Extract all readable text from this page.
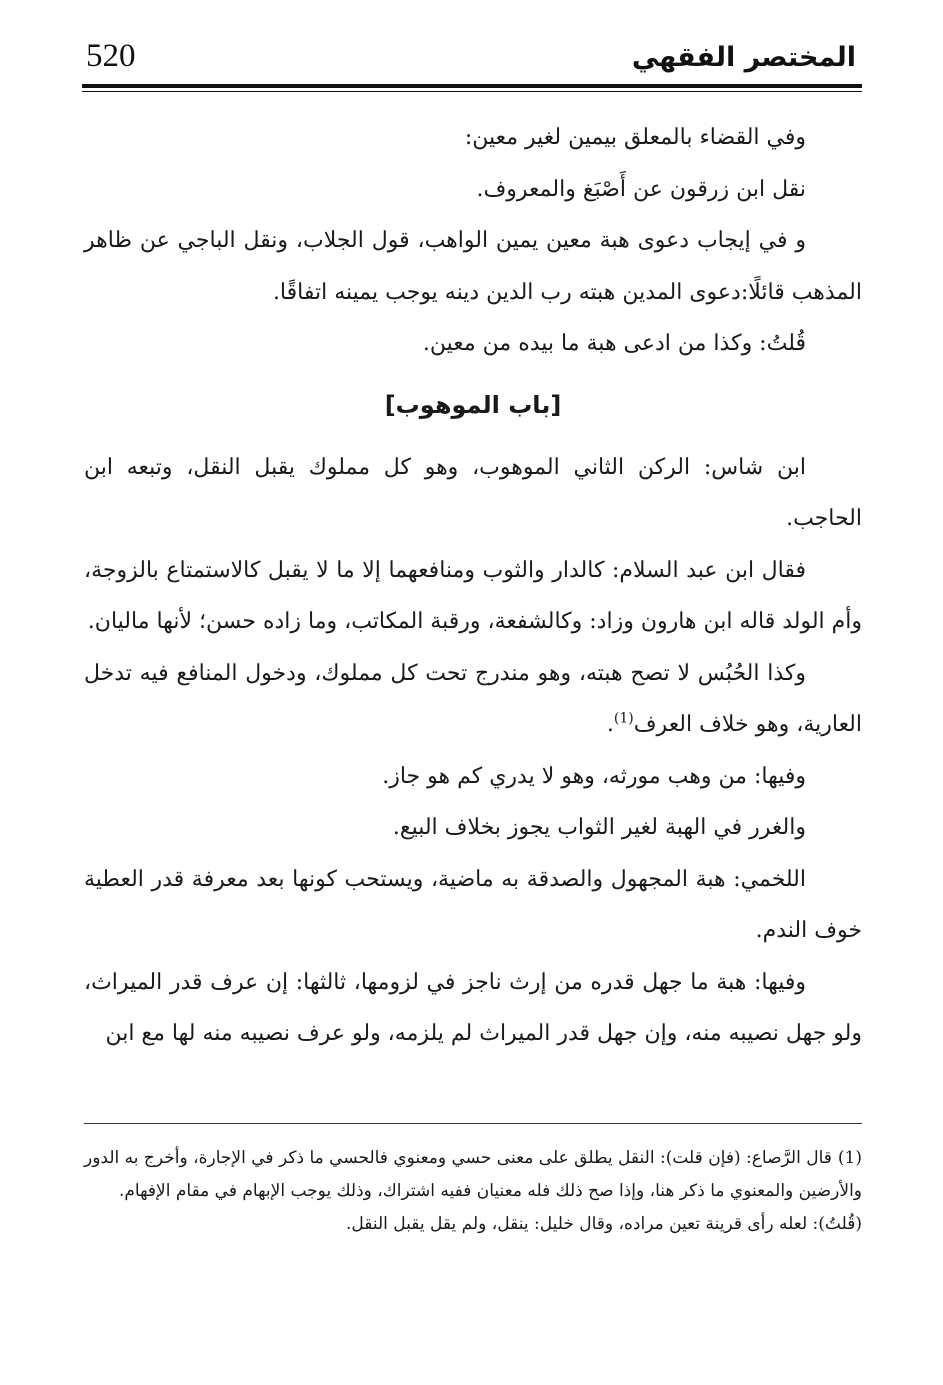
520	المختصر الفقهي

وفي القضاء بالمعلق بيمين لغير معين:

نقل ابن زرقون عن أَصْبَغ والمعروف.

و في إيجاب دعوى هبة معين يمين الواهب، قول الجلاب، ونقل الباجي عن ظاهر المذهب قائلًا:دعوى المدين هبته رب الدين دينه يوجب يمينه اتفاقًا.

قُلتُ: وكذا من ادعى هبة ما بيده من معين.

[باب الموهوب]

ابن شاس: الركن الثاني الموهوب، وهو كل مملوك يقبل النقل، وتبعه ابن الحاجب.

فقال ابن عبد السلام: كالدار والثوب ومنافعهما إلا ما لا يقبل كالاستمتاع بالزوجة، وأم الولد قاله ابن هارون وزاد: وكالشفعة، ورقبة المكاتب، وما زاده حسن؛ لأنها ماليان.

وكذا الحُبُس لا تصح هبته، وهو مندرج تحت كل مملوك، ودخول المنافع فيه تدخل العارية، وهو خلاف العرف$^{(1)}$.

وفيها: من وهب مورثه، وهو لا يدري كم هو جاز.

والغرر في الهبة لغير الثواب يجوز بخلاف البيع.

اللخمي: هبة المجهول والصدقة به ماضية، ويستحب كونها بعد معرفة قدر العطية خوف الندم.

وفيها: هبة ما جهل قدره من إرث ناجز في لزومها، ثالثها: إن عرف قدر الميراث، ولو جهل نصيبه منه، وإن جهل قدر الميراث لم يلزمه، ولو عرف نصيبه منه لها مع ابن

(1)قال الرَّصاع: (فإن قلت): النقل يطلق على معنى حسي ومعنوي فالحسي ما ذكر في الإجارة، وأخرج به الدور والأرضين والمعنوي ما ذكر هنا، وإذا صح ذلك فله معنيان ففيه اشتراك، وذلك يوجب الإبهام في مقام الإفهام.

(قُلتُ): لعله رأى قرينة تعين مراده، وقال خليل: ينقل، ولم يقل يقبل النقل.
